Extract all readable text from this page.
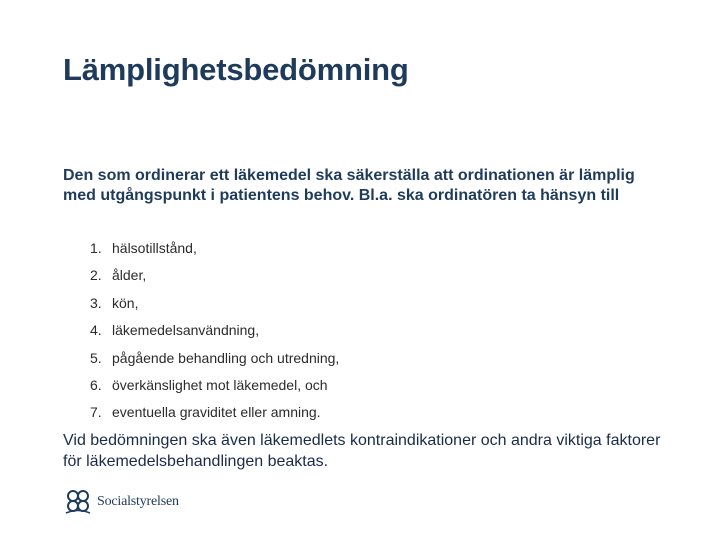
Lämplighetsbedömning

Den som ordinerar ett läkemedel ska säkerställa att ordinationen är lämplig med utgångspunkt i patientens behov. Bl.a. ska ordinatören ta hänsyn till

1. hälsotillstånd,
2. ålder,
3. kön,
4. läkemedelsanvändning,
5. pågående behandling och utredning,
6. överkänslighet mot läkemedel, och
7. eventuella graviditet eller amning.

Vid bedömningen ska även läkemedlets kontraindikationer och andra viktiga faktorer för läkemedelsbehandlingen beaktas.

Socialstyrelsen
